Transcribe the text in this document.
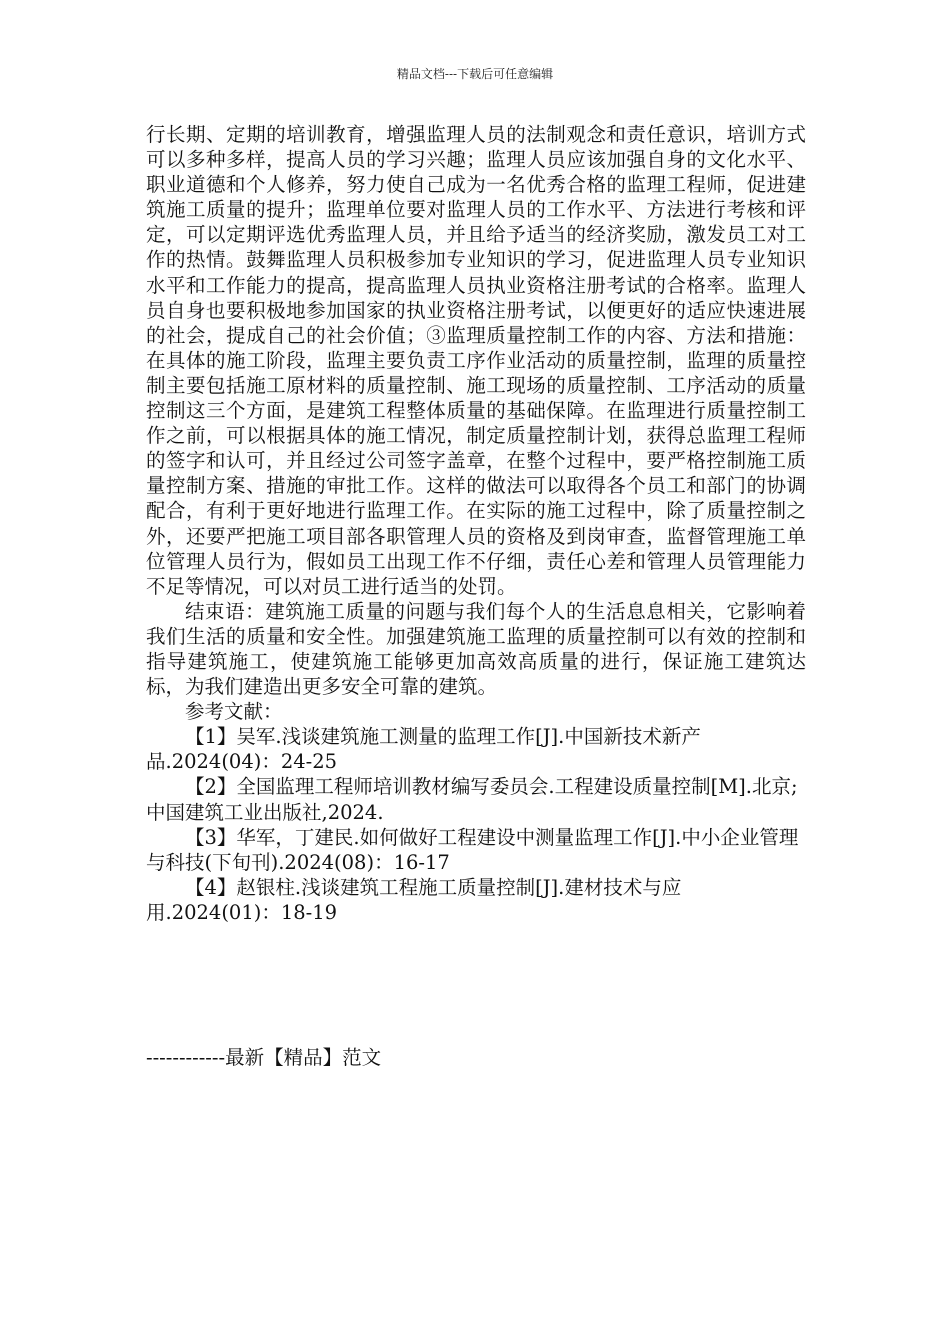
精品文档---下载后可任意编辑

行长期、定期的培训教育，增强监理人员的法制观念和责任意识，培训方式可以多种多样，提高人员的学习兴趣；监理人员应该加强自身的文化水平、职业道德和个人修养，努力使自己成为一名优秀合格的监理工程师，促进建筑施工质量的提升；监理单位要对监理人员的工作水平、方法进行考核和评定，可以定期评选优秀监理人员，并且给予适当的经济奖励，激发员工对工作的热情。鼓舞监理人员积极参加专业知识的学习，促进监理人员专业知识水平和工作能力的提高，提高监理人员执业资格注册考试的合格率。监理人员自身也要积极地参加国家的执业资格注册考试，以便更好的适应快速进展的社会，提成自己的社会价值；③监理质量控制工作的内容、方法和措施：在具体的施工阶段，监理主要负责工序作业活动的质量控制，监理的质量控制主要包括施工原材料的质量控制、施工现场的质量控制、工序活动的质量控制这三个方面，是建筑工程整体质量的基础保障。在监理进行质量控制工作之前，可以根据具体的施工情况，制定质量控制计划，获得总监理工程师的签字和认可，并且经过公司签字盖章，在整个过程中，要严格控制施工质量控制方案、措施的审批工作。这样的做法可以取得各个员工和部门的协调配合，有利于更好地进行监理工作。在实际的施工过程中，除了质量控制之外，还要严把施工项目部各职管理人员的资格及到岗审查，监督管理施工单位管理人员行为，假如员工出现工作不仔细，责任心差和管理人员管理能力不足等情况，可以对员工进行适当的处罚。

结束语：建筑施工质量的问题与我们每个人的生活息息相关，它影响着我们生活的质量和安全性。加强建筑施工监理的质量控制可以有效的控制和指导建筑施工，使建筑施工能够更加高效高质量的进行，保证施工建筑达标，为我们建造出更多安全可靠的建筑。

参考文献：

【1】吴军.浅谈建筑施工测量的监理工作[J].中国新技术新产品.2024(04)：24-25

【2】全国监理工程师培训教材编写委员会.工程建设质量控制[M].北京;中国建筑工业出版社,2024.

【3】华军，丁建民.如何做好工程建设中测量监理工作[J].中小企业管理与科技(下旬刊).2024(08)：16-17

【4】赵银柱.浅谈建筑工程施工质量控制[J].建材技术与应用.2024(01)：18-19

------------最新【精品】范文
